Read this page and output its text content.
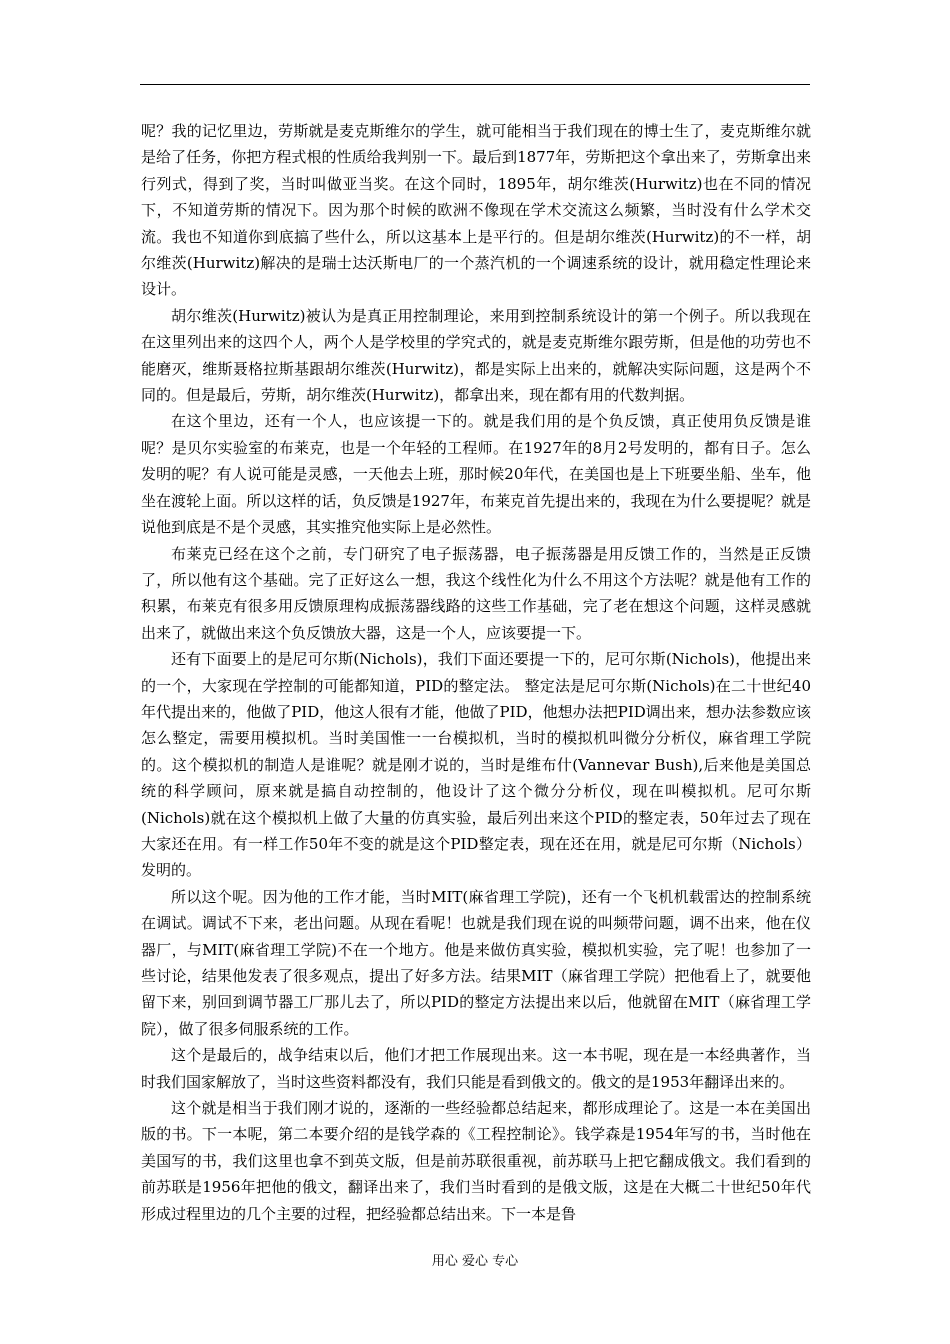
呢？我的记忆里边，劳斯就是麦克斯维尔的学生，就可能相当于我们现在的博士生了，麦克斯维尔就是给了任务，你把方程式根的性质给我判别一下。最后到1877年，劳斯把这个拿出来了，劳斯拿出来行列式，得到了奖，当时叫做亚当奖。在这个同时，1895年，胡尔维茨(Hurwitz)也在不同的情况下，不知道劳斯的情况下。因为那个时候的欧洲不像现在学术交流这么频繁，当时没有什么学术交流。我也不知道你到底搞了些什么，所以这基本上是平行的。但是胡尔维茨(Hurwitz)的不一样，胡尔维茨(Hurwitz)解决的是瑞士达沃斯电厂的一个蒸汽机的一个调速系统的设计，就用稳定性理论来设计。

胡尔维茨(Hurwitz)被认为是真正用控制理论，来用到控制系统设计的第一个例子。所以我现在在这里列出来的这四个人，两个人是学校里的学究式的，就是麦克斯维尔跟劳斯，但是他的功劳也不能磨灭，维斯聂格拉斯基跟胡尔维茨(Hurwitz)，都是实际上出来的，就解决实际问题，这是两个不同的。但是最后，劳斯，胡尔维茨(Hurwitz)，都拿出来，现在都有用的代数判据。

在这个里边，还有一个人，也应该提一下的。就是我们用的是个负反馈，真正使用负反馈是谁呢？是贝尔实验室的布莱克，也是一个年轻的工程师。在1927年的8月2号发明的，都有日子。怎么发明的呢？有人说可能是灵感，一天他去上班，那时候20年代，在美国也是上下班要坐船、坐车，他坐在渡轮上面。所以这样的话，负反馈是1927年，布莱克首先提出来的，我现在为什么要提呢？就是说他到底是不是个灵感，其实推究他实际上是必然性。

布莱克已经在这个之前，专门研究了电子振荡器，电子振荡器是用反馈工作的，当然是正反馈了，所以他有这个基础。完了正好这么一想，我这个线性化为什么不用这个方法呢？就是他有工作的积累，布莱克有很多用反馈原理构成振荡器线路的这些工作基础，完了老在想这个问题，这样灵感就出来了，就做出来这个负反馈放大器，这是一个人，应该要提一下。

还有下面要上的是尼可尔斯(Nichols)，我们下面还要提一下的，尼可尔斯(Nichols)，他提出来的一个，大家现在学控制的可能都知道，PID的整定法。 整定法是尼可尔斯(Nichols)在二十世纪40年代提出来的，他做了PID，他这人很有才能，他做了PID，他想办法把PID调出来，想办法参数应该怎么整定，需要用模拟机。当时美国惟一一台模拟机，当时的模拟机叫微分分析仪，麻省理工学院的。这个模拟机的制造人是谁呢？就是刚才说的，当时是维布什(Vannevar Bush),后来他是美国总统的科学顾问，原来就是搞自动控制的，他设计了这个微分分析仪，现在叫模拟机。尼可尔斯(Nichols)就在这个模拟机上做了大量的仿真实验，最后列出来这个PID的整定表，50年过去了现在大家还在用。有一样工作50年不变的就是这个PID整定表，现在还在用，就是尼可尔斯（Nichols）发明的。

所以这个呢。因为他的工作才能，当时MIT(麻省理工学院)，还有一个飞机机载雷达的控制系统在调试。调试不下来，老出问题。从现在看呢！也就是我们现在说的叫频带问题，调不出来，他在仪器厂，与MIT(麻省理工学院)不在一个地方。他是来做仿真实验，模拟机实验，完了呢！也参加了一些讨论，结果他发表了很多观点，提出了好多方法。结果MIT（麻省理工学院）把他看上了，就要他留下来，别回到调节器工厂那儿去了，所以PID的整定方法提出来以后，他就留在MIT（麻省理工学院），做了很多伺服系统的工作。

这个是最后的，战争结束以后，他们才把工作展现出来。这一本书呢，现在是一本经典著作，当时我们国家解放了，当时这些资料都没有，我们只能是看到俄文的。俄文的是1953年翻译出来的。

这个就是相当于我们刚才说的，逐渐的一些经验都总结起来，都形成理论了。这是一本在美国出版的书。下一本呢，第二本要介绍的是钱学森的《工程控制论》。钱学森是1954年写的书，当时他在美国写的书，我们这里也拿不到英文版，但是前苏联很重视，前苏联马上把它翻成俄文。我们看到的前苏联是1956年把他的俄文，翻译出来了，我们当时看到的是俄文版，这是在大概二十世纪50年代形成过程里边的几个主要的过程，把经验都总结出来。下一本是鲁

用心 爱心 专心
